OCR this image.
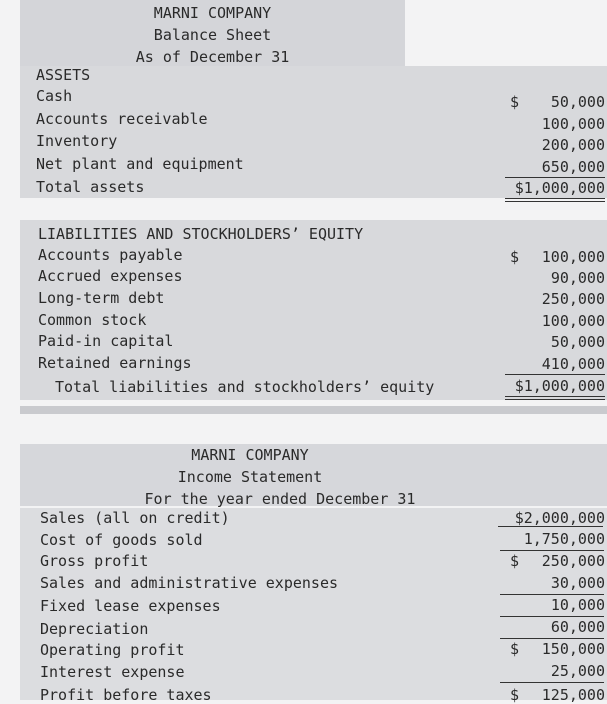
MARNI COMPANY
Balance Sheet
As of December 31
ASSETS
Cash	$	50,000
Accounts receivable	100,000
Inventory	200,000
Net plant and equipment	650,000
Total assets	$1,000,000
LIABILITIES AND STOCKHOLDERS’ EQUITY
Accounts payable	$	100,000
Accrued expenses	90,000
Long-term debt	250,000
Common stock	100,000
Paid-in capital	50,000
Retained earnings	410,000
Total liabilities and stockholders’ equity	$1,000,000
MARNI COMPANY
Income Statement
For the year ended December 31
Sales (all on credit)	$2,000,000
Cost of goods sold	1,750,000
Gross profit	$	250,000
Sales and administrative expenses	30,000
Fixed lease expenses	10,000
Depreciation	60,000
Operating profit	$	150,000
Interest expense	25,000
Profit before taxes	$	125,000
